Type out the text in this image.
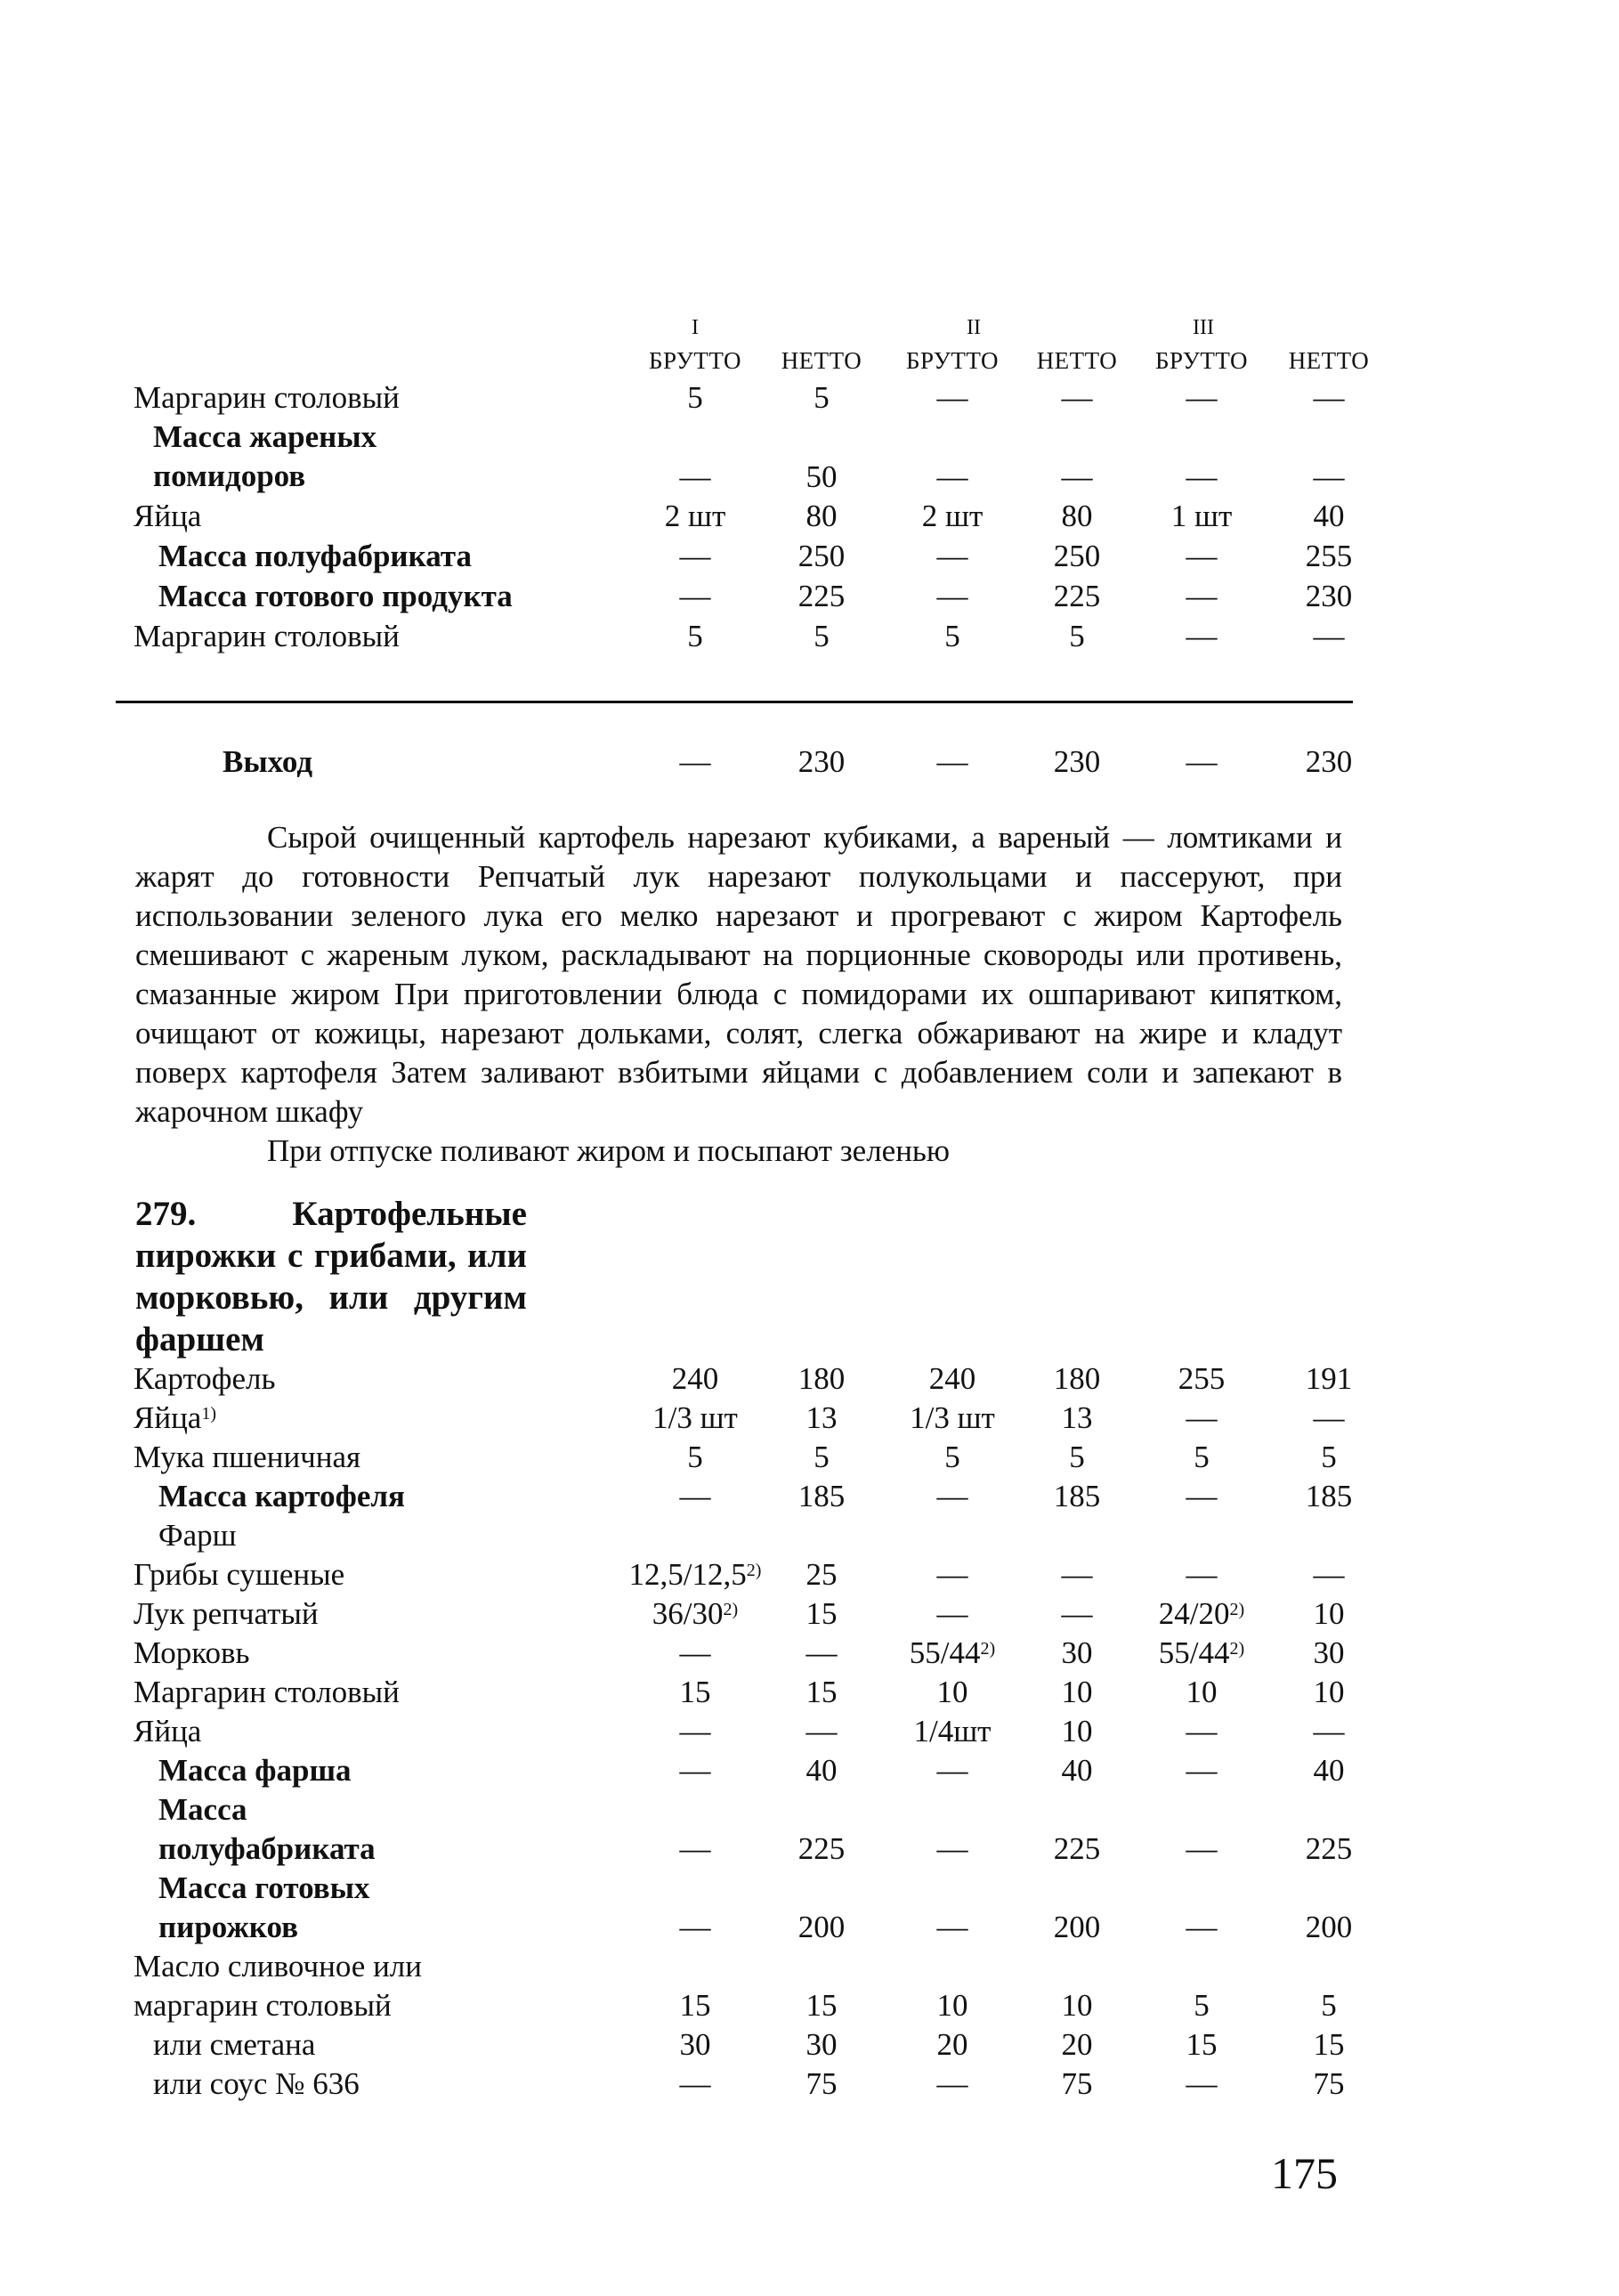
I	II	III
БРУТТО	НЕТТО	БРУТТО	НЕТТО	БРУТТО	НЕТТО
Маргарин столовый	5	5	—	—	—	—
Масса жареных помидоров	—	50	—	—	—	—
Яйца	2 шт	80	2 шт	80	1 шт	40
Масса полуфабриката	—	250	—	250	—	255
Масса готового продукта	—	225	—	225	—	230
Маргарин столовый	5	5	5	5	—	—
Выход	—	230	—	230	—	230

Сырой очищенный картофель нарезают кубиками, а вареный — ломтиками и жарят до готовности Репчатый лук нарезают полукольцами и пассеруют, при использовании зеленого лука его мелко нарезают и прогревают с жиром Картофель смешивают с жареным луком, раскладывают на порционные сковороды или противень, смазанные жиром При приготовлении блюда с помидорами их ошпаривают кипятком, очищают от кожицы, нарезают дольками, солят, слегка обжаривают на жире и кладут поверх картофеля Затем заливают взбитыми яйцами с добавлением соли и запекают в жарочном шкафу

При отпуске поливают жиром и посыпают зеленью

279. Картофельные пирожки с грибами, или морковью, или другим фаршем
Картофель	240	180	240	180	255	191
Яйца$^{1)}$	1/3 шт	13	1/3 шт	13	—	—
Мука пшеничная	5	5	5	5	5	5
Масса картофеля	—	185	—	185	—	185
Фарш
Грибы сушеные	12,5/12,5$^{2)}$	25	—	—	—	—
Лук репчатый	36/30$^{2)}$	15	—	—	24/20$^{2)}$	10
Морковь	—	—	55/44$^{2)}$	30	55/44$^{2)}$	30
Маргарин столовый	15	15	10	10	10	10
Яйца	—	—	1/4шт	10	—	—
Масса фарша	—	40	—	40	—	40
Масса
полуфабриката	—	225	—	225	—	225
Масса готовых
пирожков	—	200	—	200	—	200
Масло сливочное или
маргарин столовый	15	15	10	10	5	5
или сметана	30	30	20	20	15	15
или соус № 636	—	75	—	75	—	75
175
